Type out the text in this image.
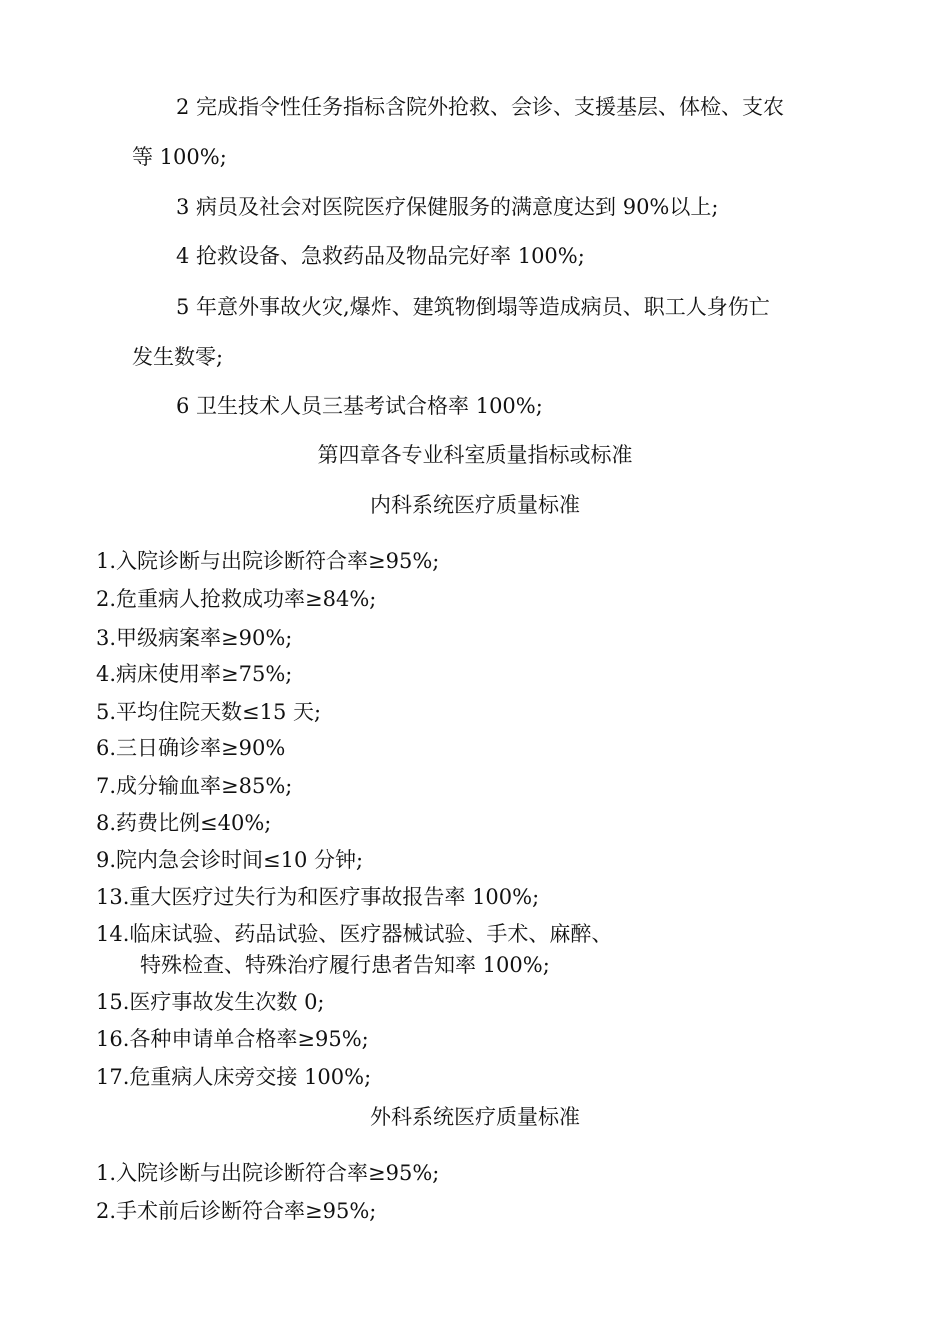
2 完成指令性任务指标含院外抢救、会诊、支援基层、体检、支农
等 100%;
3 病员及社会对医院医疗保健服务的满意度达到 90%以上;
4 抢救设备、急救药品及物品完好率 100%;
5 年意外事故火灾,爆炸、建筑物倒塌等造成病员、职工人身伤亡
发生数零;
6 卫生技术人员三基考试合格率 100%;
第四章各专业科室质量指标或标准
内科系统医疗质量标准
1.入院诊断与出院诊断符合率≥95%;
2.危重病人抢救成功率≥84%;
3.甲级病案率≥90%;
4.病床使用率≥75%;
5.平均住院天数≤15 天;
6.三日确诊率≥90%
7.成分输血率≥85%;
8.药费比例≤40%;
9.院内急会诊时间≤10 分钟;
13.重大医疗过失行为和医疗事故报告率 100%;
14.临床试验、药品试验、医疗器械试验、手术、麻醉、
特殊检查、特殊治疗履行患者告知率 100%;
15.医疗事故发生次数 0;
16.各种申请单合格率≥95%;
17.危重病人床旁交接 100%;
外科系统医疗质量标准
1.入院诊断与出院诊断符合率≥95%;
2.手术前后诊断符合率≥95%;
